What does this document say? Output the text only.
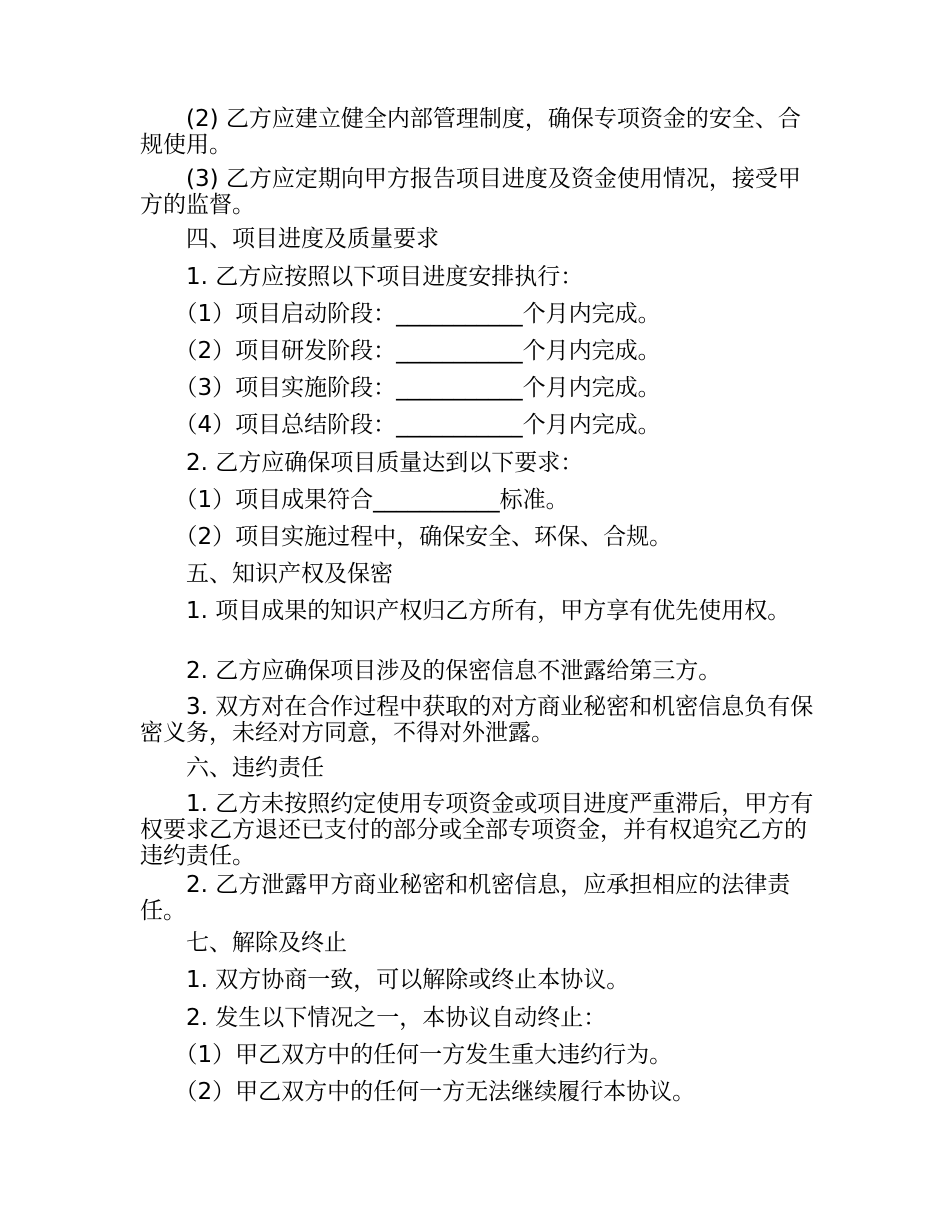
　　(2) 乙方应建立健全内部管理制度，确保专项资金的安全、合规使用。

　　(3) 乙方应定期向甲方报告项目进度及资金使用情况，接受甲方的监督。

　　四、项目进度及质量要求

　　1. 乙方应按照以下项目进度安排执行：

　　（1）项目启动阶段：___________个月内完成。

　　（2）项目研发阶段：___________个月内完成。

　　（3）项目实施阶段：___________个月内完成。

　　（4）项目总结阶段：___________个月内完成。

　　2. 乙方应确保项目质量达到以下要求：

　　（1）项目成果符合___________标准。

　　（2）项目实施过程中，确保安全、环保、合规。

　　五、知识产权及保密

　　1. 项目成果的知识产权归乙方所有，甲方享有优先使用权。

　　2. 乙方应确保项目涉及的保密信息不泄露给第三方。

　　3. 双方对在合作过程中获取的对方商业秘密和机密信息负有保密义务，未经对方同意，不得对外泄露。

　　六、违约责任

　　1. 乙方未按照约定使用专项资金或项目进度严重滞后，甲方有权要求乙方退还已支付的部分或全部专项资金，并有权追究乙方的违约责任。

　　2. 乙方泄露甲方商业秘密和机密信息，应承担相应的法律责任。

　　七、解除及终止

　　1. 双方协商一致，可以解除或终止本协议。

　　2. 发生以下情况之一，本协议自动终止：

　　（1）甲乙双方中的任何一方发生重大违约行为。

　　（2）甲乙双方中的任何一方无法继续履行本协议。
